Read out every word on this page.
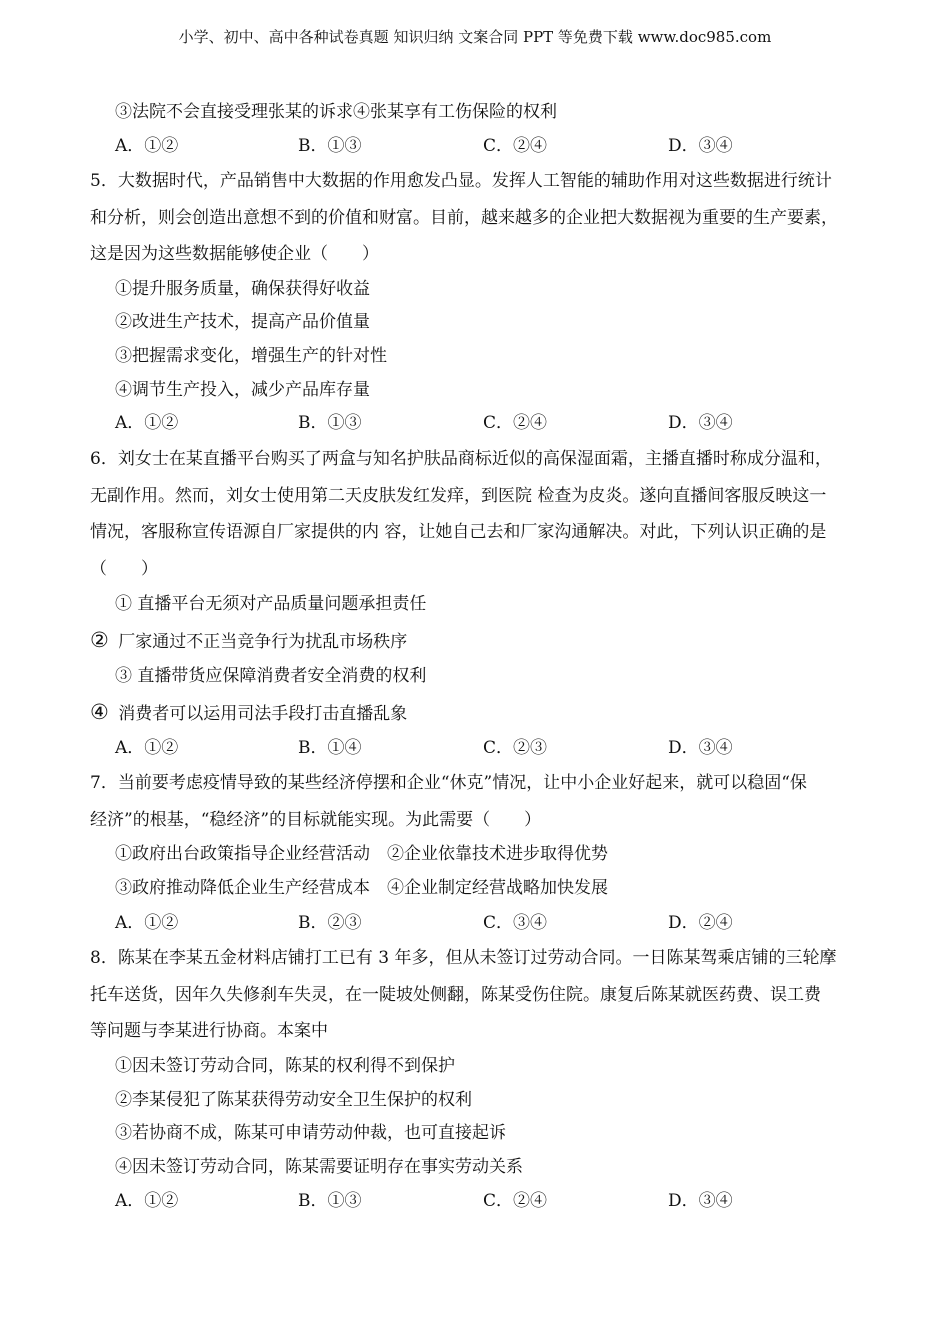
小学、初中、高中各种试卷真题 知识归纳 文案合同 PPT 等免费下载 www.doc985.com
③法院不会直接受理张某的诉求④张某享有工伤保险的权利
A．①②	B．①③	C．②④	D．③④
5．大数据时代，产品销售中大数据的作用愈发凸显。发挥人工智能的辅助作用对这些数据进行统计
和分析，则会创造出意想不到的价值和财富。目前，越来越多的企业把大数据视为重要的生产要素，
这是因为这些数据能够使企业（　　）
①提升服务质量，确保获得好收益
②改进生产技术，提高产品价值量
③把握需求变化，增强生产的针对性
④调节生产投入，减少产品库存量
A．①②	B．①③	C．②④	D．③④
6．刘女士在某直播平台购买了两盒与知名护肤品商标近似的高保湿面霜，主播直播时称成分温和，
无副作用。然而，刘女士使用第二天皮肤发红发痒，到医院 检查为皮炎。遂向直播间客服反映这一
情况，客服称宣传语源自厂家提供的内 容，让她自己去和厂家沟通解决。对此，下列认识正确的是
（　　）
① 直播平台无须对产品质量问题承担责任
② 厂家通过不正当竞争行为扰乱市场秩序
③ 直播带货应保障消费者安全消费的权利
④ 消费者可以运用司法手段打击直播乱象
A．①②	B．①④	C．②③	D．③④
7．当前要考虑疫情导致的某些经济停摆和企业“休克”情况，让中小企业好起来，就可以稳固“保
经济”的根基，“稳经济”的目标就能实现。为此需要（　　）
①政府出台政策指导企业经营活动　②企业依靠技术进步取得优势
③政府推动降低企业生产经营成本　④企业制定经营战略加快发展
A．①②	B．②③	C．③④	D．②④
8．陈某在李某五金材料店铺打工已有 3 年多，但从未签订过劳动合同。一日陈某驾乘店铺的三轮摩
托车送货，因年久失修刹车失灵，在一陡坡处侧翻，陈某受伤住院。康复后陈某就医药费、误工费
等问题与李某进行协商。本案中
①因未签订劳动合同，陈某的权利得不到保护
②李某侵犯了陈某获得劳动安全卫生保护的权利
③若协商不成，陈某可申请劳动仲裁，也可直接起诉
④因未签订劳动合同，陈某需要证明存在事实劳动关系
A．①②	B．①③	C．②④	D．③④
